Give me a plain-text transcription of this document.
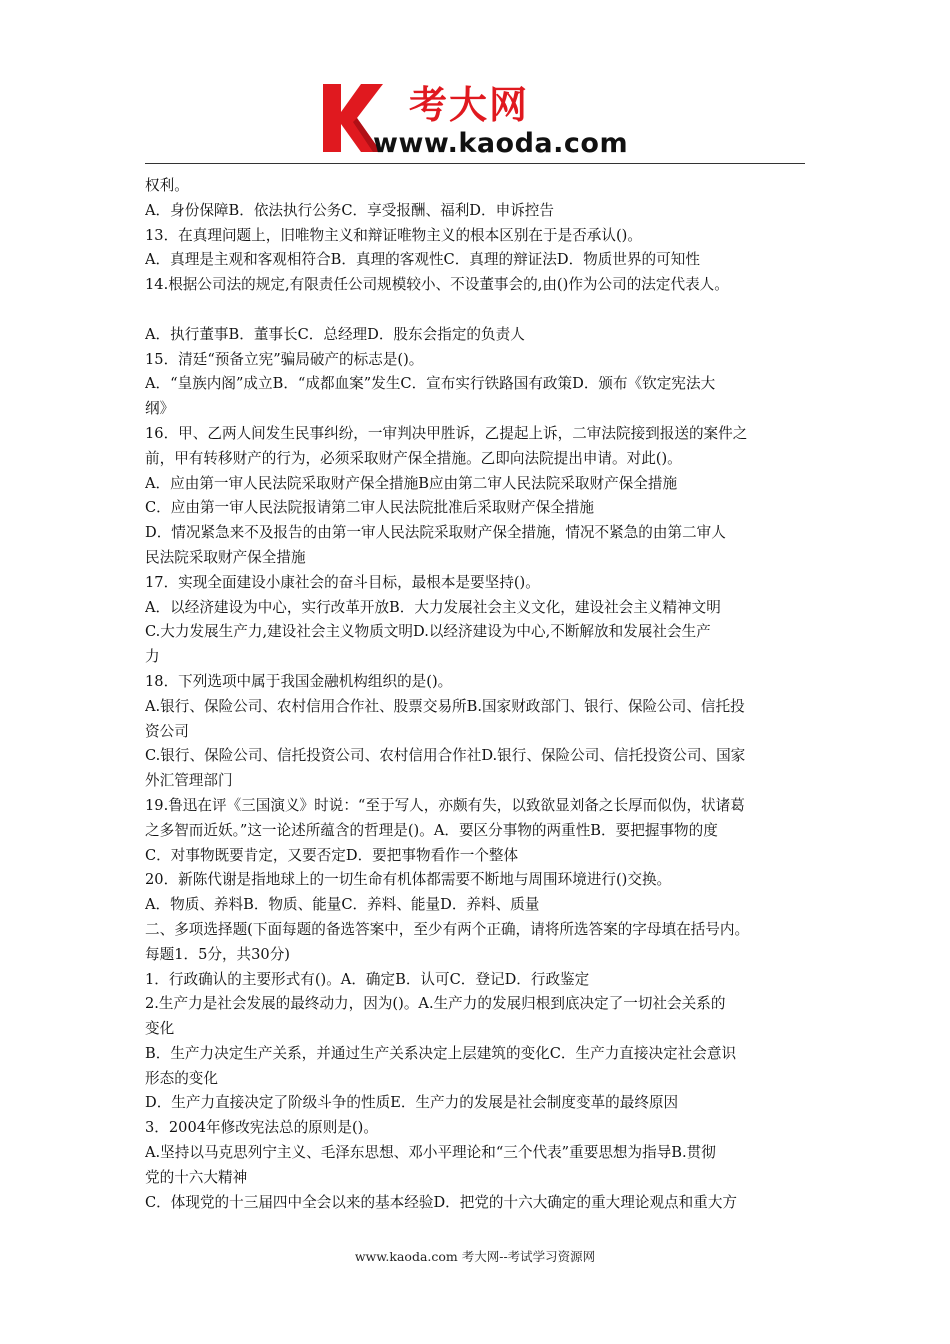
考大网
www.kaoda.com
权利。
A．身份保障B．依法执行公务C．享受报酬、福利D．申诉控告
13．在真理问题上，旧唯物主义和辩证唯物主义的根本区别在于是否承认()。
A．真理是主观和客观相符合B．真理的客观性C．真理的辩证法D．物质世界的可知性
14.根据公司法的规定,有限责任公司规模较小、不设董事会的,由()作为公司的法定代表人。
A．执行董事B．董事长C．总经理D．股东会指定的负责人
15．清廷“预备立宪”骗局破产的标志是()。
A．“皇族内阁”成立B．“成都血案”发生C．宣布实行铁路国有政策D．颁布《钦定宪法大
纲》
16．甲、乙两人间发生民事纠纷，一审判决甲胜诉，乙提起上诉，二审法院接到报送的案件之
前，甲有转移财产的行为，必须采取财产保全措施。乙即向法院提出申请。对此()。
A．应由第一审人民法院采取财产保全措施B应由第二审人民法院采取财产保全措施
C．应由第一审人民法院报请第二审人民法院批准后采取财产保全措施
D．情况紧急来不及报告的由第一审人民法院采取财产保全措施，情况不紧急的由第二审人
民法院采取财产保全措施
17．实现全面建设小康社会的奋斗目标，最根本是要坚持()。
A．以经济建设为中心，实行改革开放B．大力发展社会主义文化，建设社会主义精神文明
C.大力发展生产力,建设社会主义物质文明D.以经济建设为中心,不断解放和发展社会生产
力
18．下列选项中属于我国金融机构组织的是()。
A.银行、保险公司、农村信用合作社、股票交易所B.国家财政部门、银行、保险公司、信托投
资公司
C.银行、保险公司、信托投资公司、农村信用合作社D.银行、保险公司、信托投资公司、国家
外汇管理部门
19.鲁迅在评《三国演义》时说：“至于写人，亦颇有失，以致欲显刘备之长厚而似伪，状诸葛
之多智而近妖。”这一论述所蕴含的哲理是()。A．要区分事物的两重性B．要把握事物的度
C．对事物既要肯定，又要否定D．要把事物看作一个整体
20．新陈代谢是指地球上的一切生命有机体都需要不断地与周围环境进行()交换。
A．物质、养料B．物质、能量C．养料、能量D．养料、质量
二、多项选择题(下面每题的备选答案中，至少有两个正确，请将所选答案的字母填在括号内。
每题1．5分，共30分)
1．行政确认的主要形式有()。A．确定B．认可C．登记D．行政鉴定
2.生产力是社会发展的最终动力，因为()。A.生产力的发展归根到底决定了一切社会关系的
变化
B．生产力决定生产关系，并通过生产关系决定上层建筑的变化C．生产力直接决定社会意识
形态的变化
D．生产力直接决定了阶级斗争的性质E．生产力的发展是社会制度变革的最终原因
3．2004年修改宪法总的原则是()。
A.坚持以马克思列宁主义、毛泽东思想、邓小平理论和“三个代表”重要思想为指导B.贯彻
党的十六大精神
C．体现党的十三届四中全会以来的基本经验D．把党的十六大确定的重大理论观点和重大方
www.kaoda.com 考大网--考试学习资源网
